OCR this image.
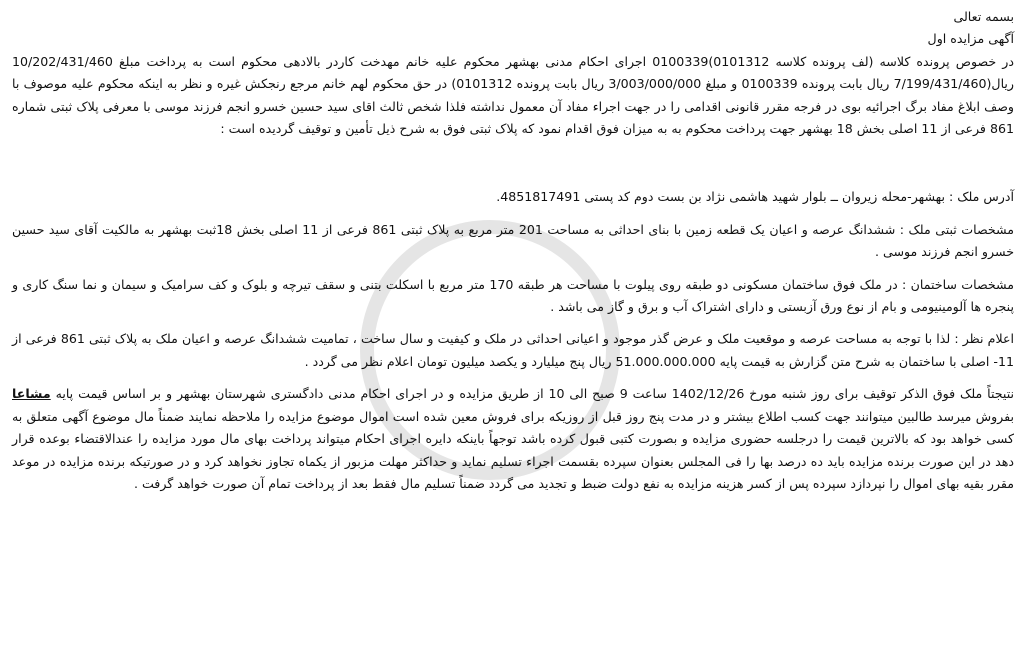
بسمه تعالی

آگهی مزایده اول

در خصوص پرونده کلاسه (لف پرونده کلاسه 0101312)0100339 اجرای احکام مدنی بهشهر محکوم علیه خانم مهدخت کاردر بالادهی محکوم است به پرداخت مبلغ 10/202/431/460 ریال(7/199/431/460 ریال بابت پرونده 0100339 و مبلغ 3/003/000/000 ریال بابت پرونده 0101312) در حق محکوم لهم خانم مرجع رنجکش غیره و نظر به اینکه محکوم علیه موصوف با وصف ابلاغ مفاد برگ اجرائیه بوی در فرجه مقرر قانونی اقدامی را در جهت اجراء مفاد آن معمول نداشته فلذا شخص ثالث اقای سید حسین خسرو انجم فرزند موسی با معرفی پلاک ثبتی شماره 861 فرعی از 11 اصلی بخش 18 بهشهر جهت پرداخت محکوم به به میزان فوق اقدام نمود که پلاک ثبتی فوق به شرح ذیل تأمین و توقیف گردیده است :

آدرس ملک : بهشهر-محله زیروان ــ بلوار شهید هاشمی نژاد بن بست دوم کد پستی 4851817491.

مشخصات ثبتی ملک : ششدانگ عرصه و اعیان یک قطعه زمین با بنای احداثی به مساحت 201 متر مربع به پلاک ثبتی 861 فرعی از 11 اصلی بخش 18ثبت بهشهر به مالکیت آقای سید حسین خسرو انجم فرزند موسی .

مشخصات ساختمان : در ملک فوق ساختمان مسکونی دو طبقه روی پیلوت با مساحت هر طبقه 170 متر مربع با اسکلت بتنی و سقف تیرچه و بلوک و کف سرامیک و سیمان و نما سنگ کاری و پنجره ها آلومینیومی و بام از نوع ورق آزبستی و دارای اشتراک آب و برق و گاز می باشد .

اعلام نظر : لذا با توجه به مساحت عرصه و موقعیت ملک و عرض گذر موجود و اعیانی احداثی در ملک و کیفیت و سال ساخت ، تمامیت ششدانگ عرصه و اعیان ملک به پلاک ثبتی 861 فرعی از 11- اصلی با ساختمان به شرح متن گزارش به قیمت پایه 51.000.000.000 ریال پنج میلیارد و یکصد میلیون تومان اعلام نظر می گردد .

نتیجتاً ملک فوق الذکر توقیف برای روز شنبه مورخ 1402/12/26 ساعت 9 صبح الی 10 از طریق مزایده و در اجرای احکام مدنی دادگستری شهرستان بهشهر و بر اساس قیمت پایه مشاعا بفروش میرسد طالبین میتوانند جهت کسب اطلاع بیشتر و در مدت پنج روز قبل از روزیکه برای فروش معین شده است اموال موضوع مزایده را ملاحظه نمایند ضمناً مال موضوع آگهی متعلق به کسی خواهد بود که بالاترین قیمت را درجلسه حضوری مزایده و بصورت کتبی قبول کرده باشد توجهاً باینکه دایره اجرای احکام میتواند پرداخت بهای مال مورد مزایده را عندالاقتضاء بوعده قرار دهد در این صورت برنده مزایده باید ده درصد بها را فی المجلس بعنوان سپرده بقسمت اجراء تسلیم نماید و حداکثر مهلت مزبور از یکماه تجاوز نخواهد کرد و در صورتیکه برنده مزایده در موعد مقرر بقیه بهای اموال را نپردازد سپرده پس از کسر هزینه مزایده به نفع دولت ضبط و تجدید می گردد ضمناً تسلیم مال فقط بعد از پرداخت تمام آن صورت خواهد گرفت .
